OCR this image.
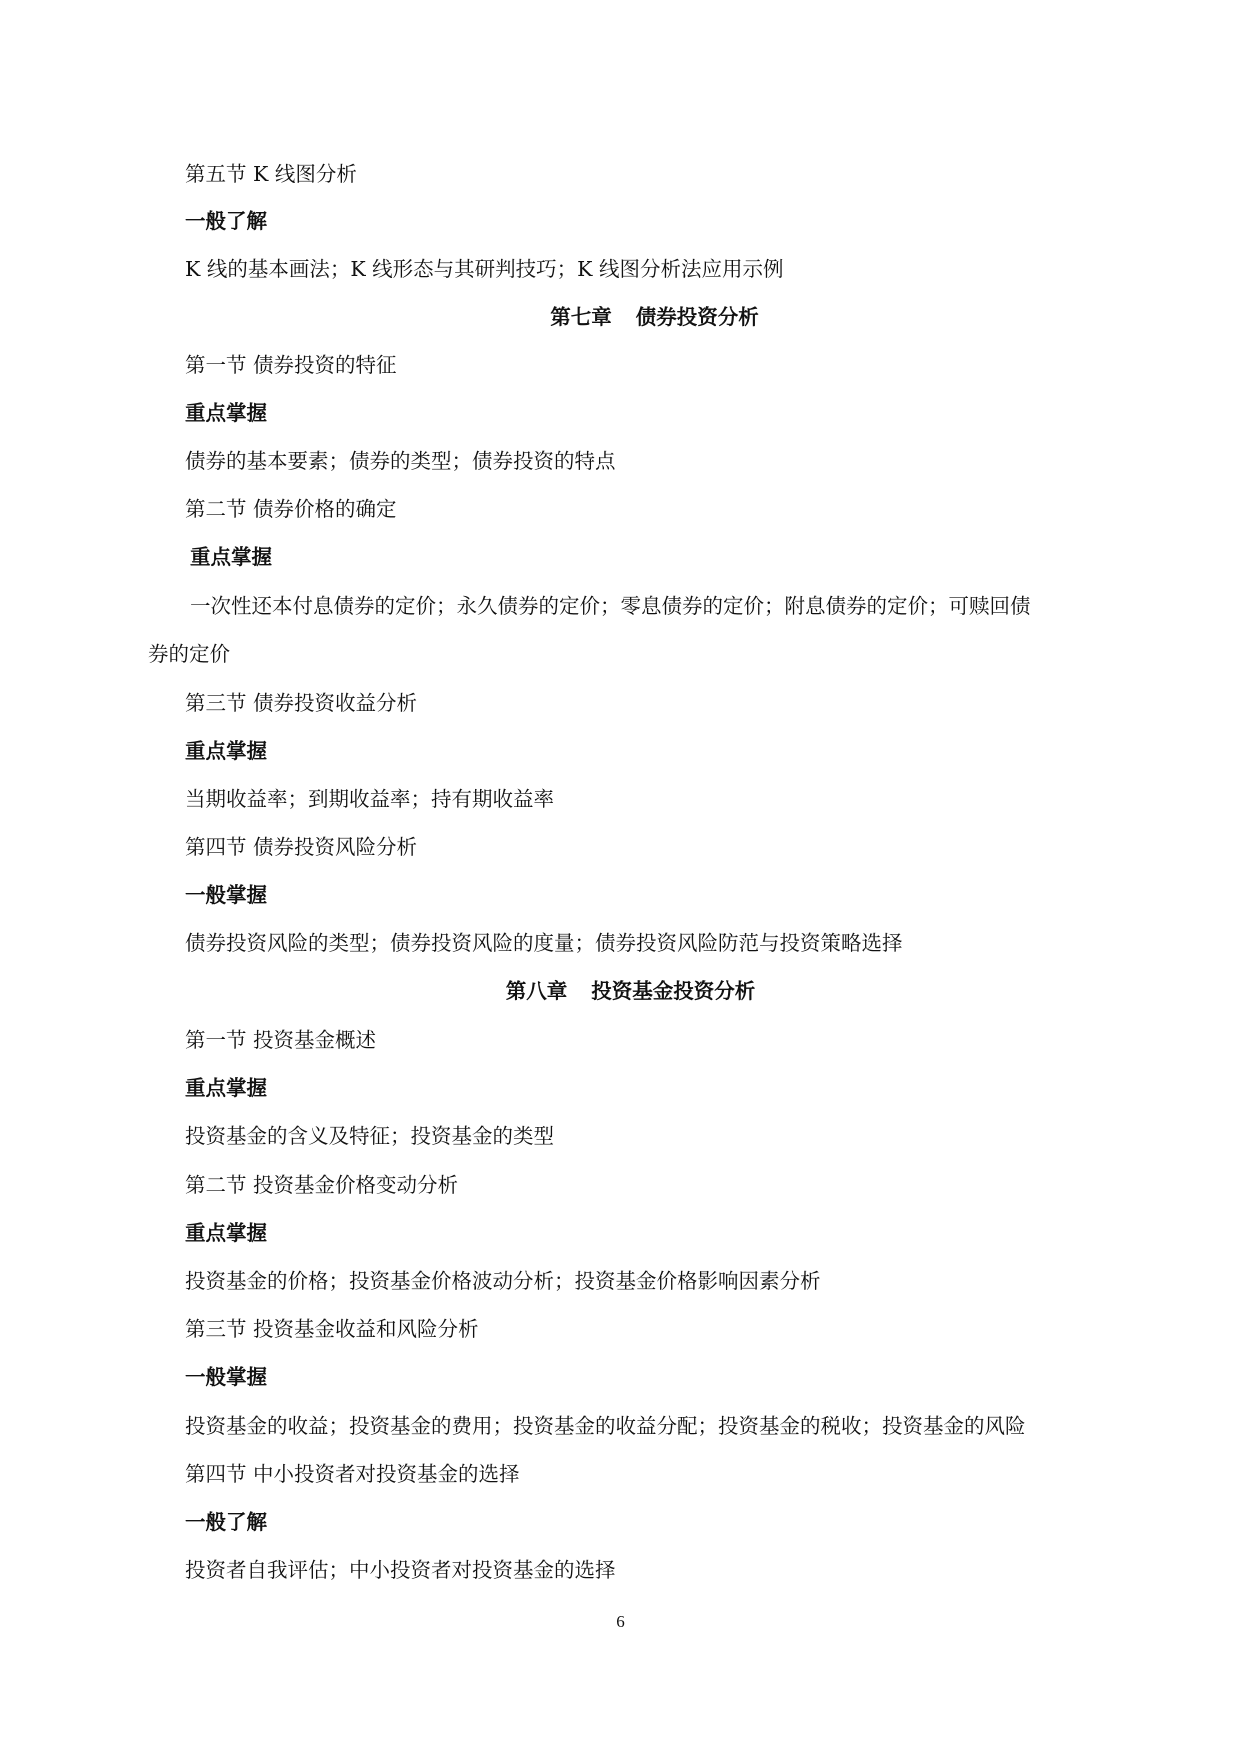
第五节 K 线图分析
一般了解
K 线的基本画法；K 线形态与其研判技巧；K 线图分析法应用示例
第七章 债券投资分析
第一节 债券投资的特征
重点掌握
债券的基本要素；债券的类型；债券投资的特点
第二节 债券价格的确定
重点掌握
一次性还本付息债券的定价；永久债券的定价；零息债券的定价；附息债券的定价；可赎回债
券的定价
第三节 债券投资收益分析
重点掌握
当期收益率；到期收益率；持有期收益率
第四节 债券投资风险分析
一般掌握
债券投资风险的类型；债券投资风险的度量；债券投资风险防范与投资策略选择
第八章 投资基金投资分析
第一节 投资基金概述
重点掌握
投资基金的含义及特征；投资基金的类型
第二节 投资基金价格变动分析
重点掌握
投资基金的价格；投资基金价格波动分析；投资基金价格影响因素分析
第三节 投资基金收益和风险分析
一般掌握
投资基金的收益；投资基金的费用；投资基金的收益分配；投资基金的税收；投资基金的风险
第四节 中小投资者对投资基金的选择
一般了解
投资者自我评估；中小投资者对投资基金的选择
6
